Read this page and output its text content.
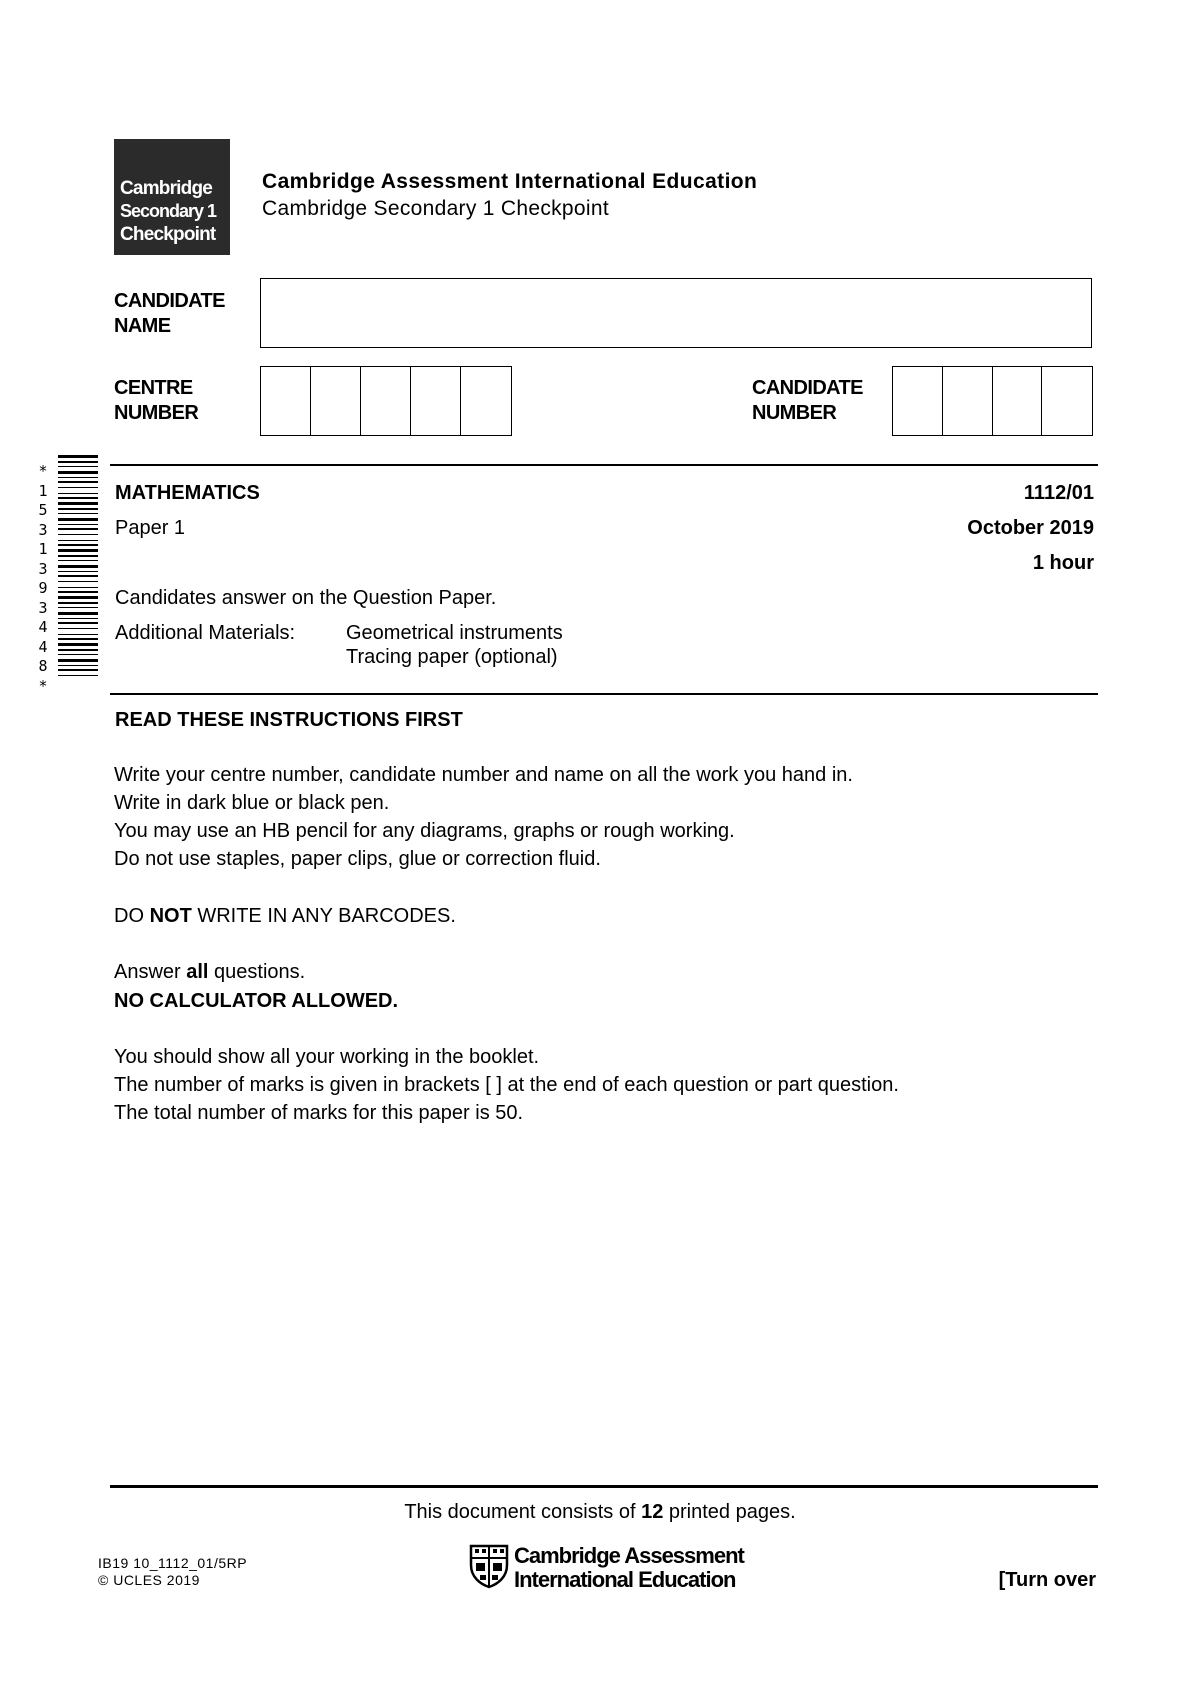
Cambridge
Secondary 1
Checkpoint
Cambridge Assessment International Education
Cambridge Secondary 1 Checkpoint
CANDIDATE
NAME
CENTRE
NUMBER
CANDIDATE
NUMBER
*
1
5
3
1
3
9
3
4
4
8
*
MATHEMATICS	1112/01
Paper 1	October 2019
1 hour
Candidates answer on the Question Paper.
Additional Materials:	Geometrical instruments
Tracing paper (optional)
READ THESE INSTRUCTIONS FIRST
Write your centre number, candidate number and name on all the work you hand in.
Write in dark blue or black pen.
You may use an HB pencil for any diagrams, graphs or rough working.
Do not use staples, paper clips, glue or correction fluid.
DO NOT WRITE IN ANY BARCODES.
Answer all questions.
NO CALCULATOR ALLOWED.
You should show all your working in the booklet.
The number of marks is given in brackets [ ] at the end of each question or part question.
The total number of marks for this paper is 50.
This document consists of 12 printed pages.
IB19 10_1112_01/5RP
© UCLES 2019
Cambridge Assessment
International Education	[Turn over
